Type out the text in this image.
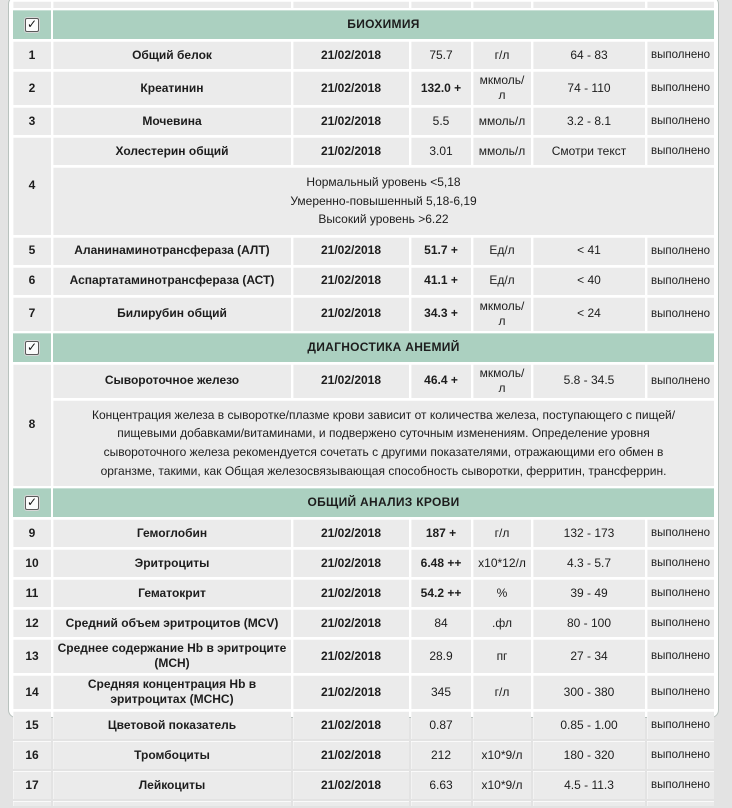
✓	БИОХИМИЯ					
1	Общий белок	21/02/2018	75.7	г/л	64 - 83	выполнено
2	Креатинин	21/02/2018	132.0 +	мкмоль/л	74 - 110	выполнено
3	Мочевина	21/02/2018	5.5	ммоль/л	3.2 - 8.1	выполнено
4	Холестерин общий	21/02/2018	3.01	ммоль/л	Смотри текст	выполнено

	Нормальный уровень <5,18
Умеренно-повышенный 5,18-6,19
Высокий уровень >6.22					

5	Аланинаминотрансфераза (АЛТ)	21/02/2018	51.7 +	Ед/л	< 41	выполнено
6	Аспартатаминотрансфераза (АСТ)	21/02/2018	41.1 +	Ед/л	< 40	выполнено
7	Билирубин общий	21/02/2018	34.3 +	мкмоль/л	< 24	выполнено
✓	ДИАГНОСТИКА АНЕМИЙ					
8	Сывороточное железо	21/02/2018	46.4 +	мкмоль/л	5.8 - 34.5	выполнено

	Концентрация железа в сыворотке/плазме крови зависит от количества железа, поступающего с пищей/пищевыми добавками/витаминами, и подвержено суточным изменениям. Определение уровня сывороточного железа рекомендуется сочетать с другими показателями, отражающими его обмен в органзме, такими, как Общая железосвязывающая способность сыворотки, ферритин, трансферрин.					

✓	ОБЩИЙ АНАЛИЗ КРОВИ					
9	Гемоглобин	21/02/2018	187 +	г/л	132 - 173	выполнено
10	Эритроциты	21/02/2018	6.48 ++	х10*12/л	4.3 - 5.7	выполнено
11	Гематокрит	21/02/2018	54.2 ++	%	39 - 49	выполнено
12	Средний объем эритроцитов (MCV)	21/02/2018	84	.фл	80 - 100	выполнено
13	Среднее содержание Hb в эритроците (MCH)	21/02/2018	28.9	пг	27 - 34	выполнено
14	Средняя концентрация Hb в эритроцитах (MCHC)	21/02/2018	345	г/л	300 - 380	выполнено
15	Цветовой показатель	21/02/2018	0.87		0.85 - 1.00	выполнено
16	Тромбоциты	21/02/2018	212	х10*9/л	180 - 320	выполнено
17	Лейкоциты	21/02/2018	6.63	х10*9/л	4.5 - 11.3	выполнено
